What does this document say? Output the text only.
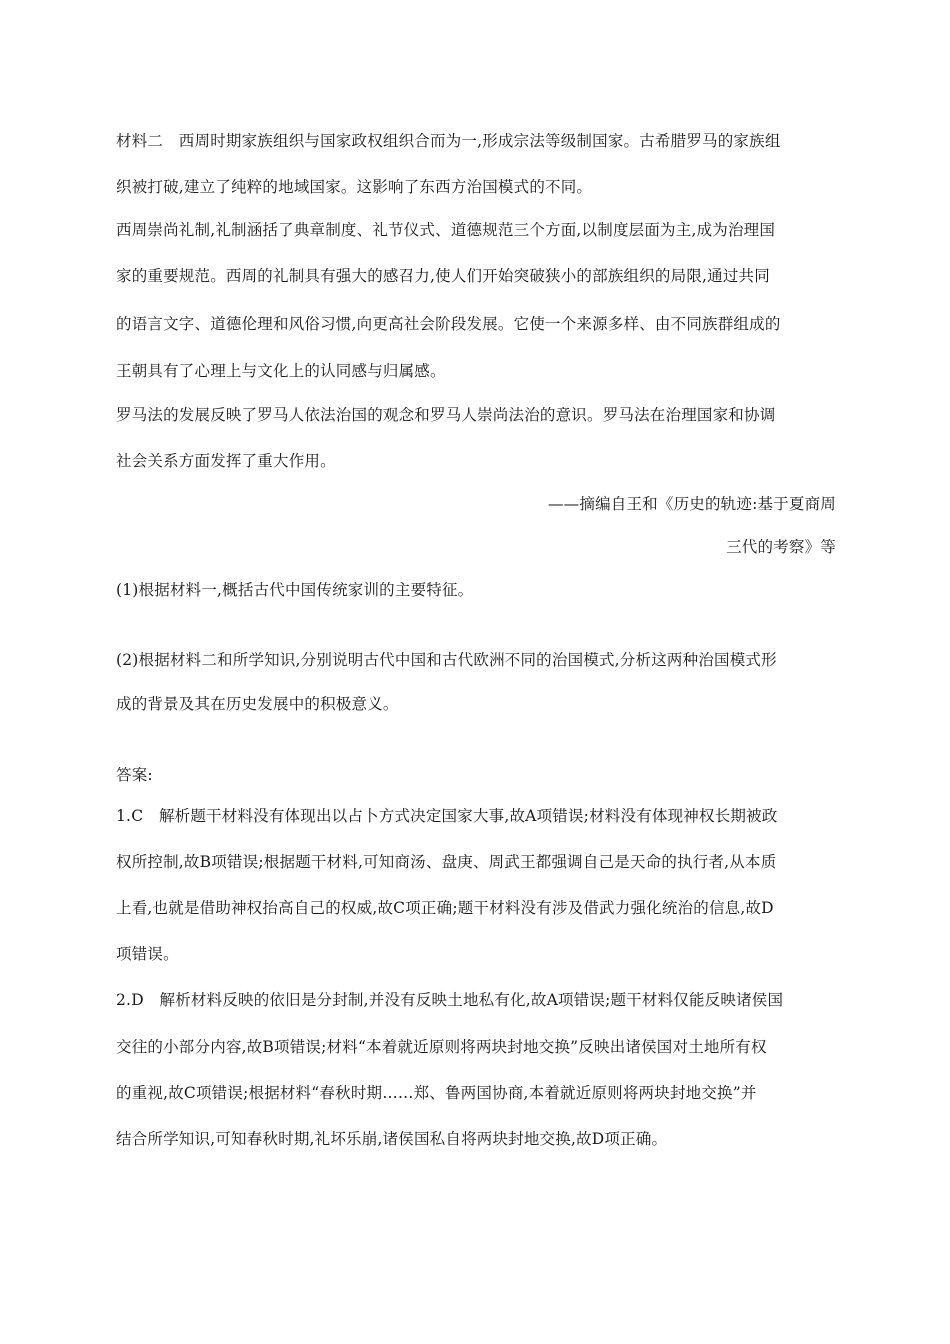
材料二　西周时期家族组织与国家政权组织合而为一,形成宗法等级制国家。古希腊罗马的家族组
织被打破,建立了纯粹的地域国家。这影响了东西方治国模式的不同。
西周崇尚礼制,礼制涵括了典章制度、礼节仪式、道德规范三个方面,以制度层面为主,成为治理国
家的重要规范。西周的礼制具有强大的感召力,使人们开始突破狭小的部族组织的局限,通过共同
的语言文字、道德伦理和风俗习惯,向更高社会阶段发展。它使一个来源多样、由不同族群组成的
王朝具有了心理上与文化上的认同感与归属感。
罗马法的发展反映了罗马人依法治国的观念和罗马人崇尚法治的意识。罗马法在治理国家和协调
社会关系方面发挥了重大作用。
——摘编自王和《历史的轨迹:基于夏商周
三代的考察》等
(1)根据材料一,概括古代中国传统家训的主要特征。
(2)根据材料二和所学知识,分别说明古代中国和古代欧洲不同的治国模式,分析这两种治国模式形
成的背景及其在历史发展中的积极意义。
答案:
1.C　解析题干材料没有体现出以占卜方式决定国家大事,故A项错误;材料没有体现神权长期被政
权所控制,故B项错误;根据题干材料,可知商汤、盘庚、周武王都强调自己是天命的执行者,从本质
上看,也就是借助神权抬高自己的权威,故C项正确;题干材料没有涉及借武力强化统治的信息,故D
项错误。
2.D　解析材料反映的依旧是分封制,并没有反映土地私有化,故A项错误;题干材料仅能反映诸侯国
交往的小部分内容,故B项错误;材料“本着就近原则将两块封地交换”反映出诸侯国对土地所有权
的重视,故C项错误;根据材料“春秋时期……郑、鲁两国协商,本着就近原则将两块封地交换”并
结合所学知识,可知春秋时期,礼坏乐崩,诸侯国私自将两块封地交换,故D项正确。
